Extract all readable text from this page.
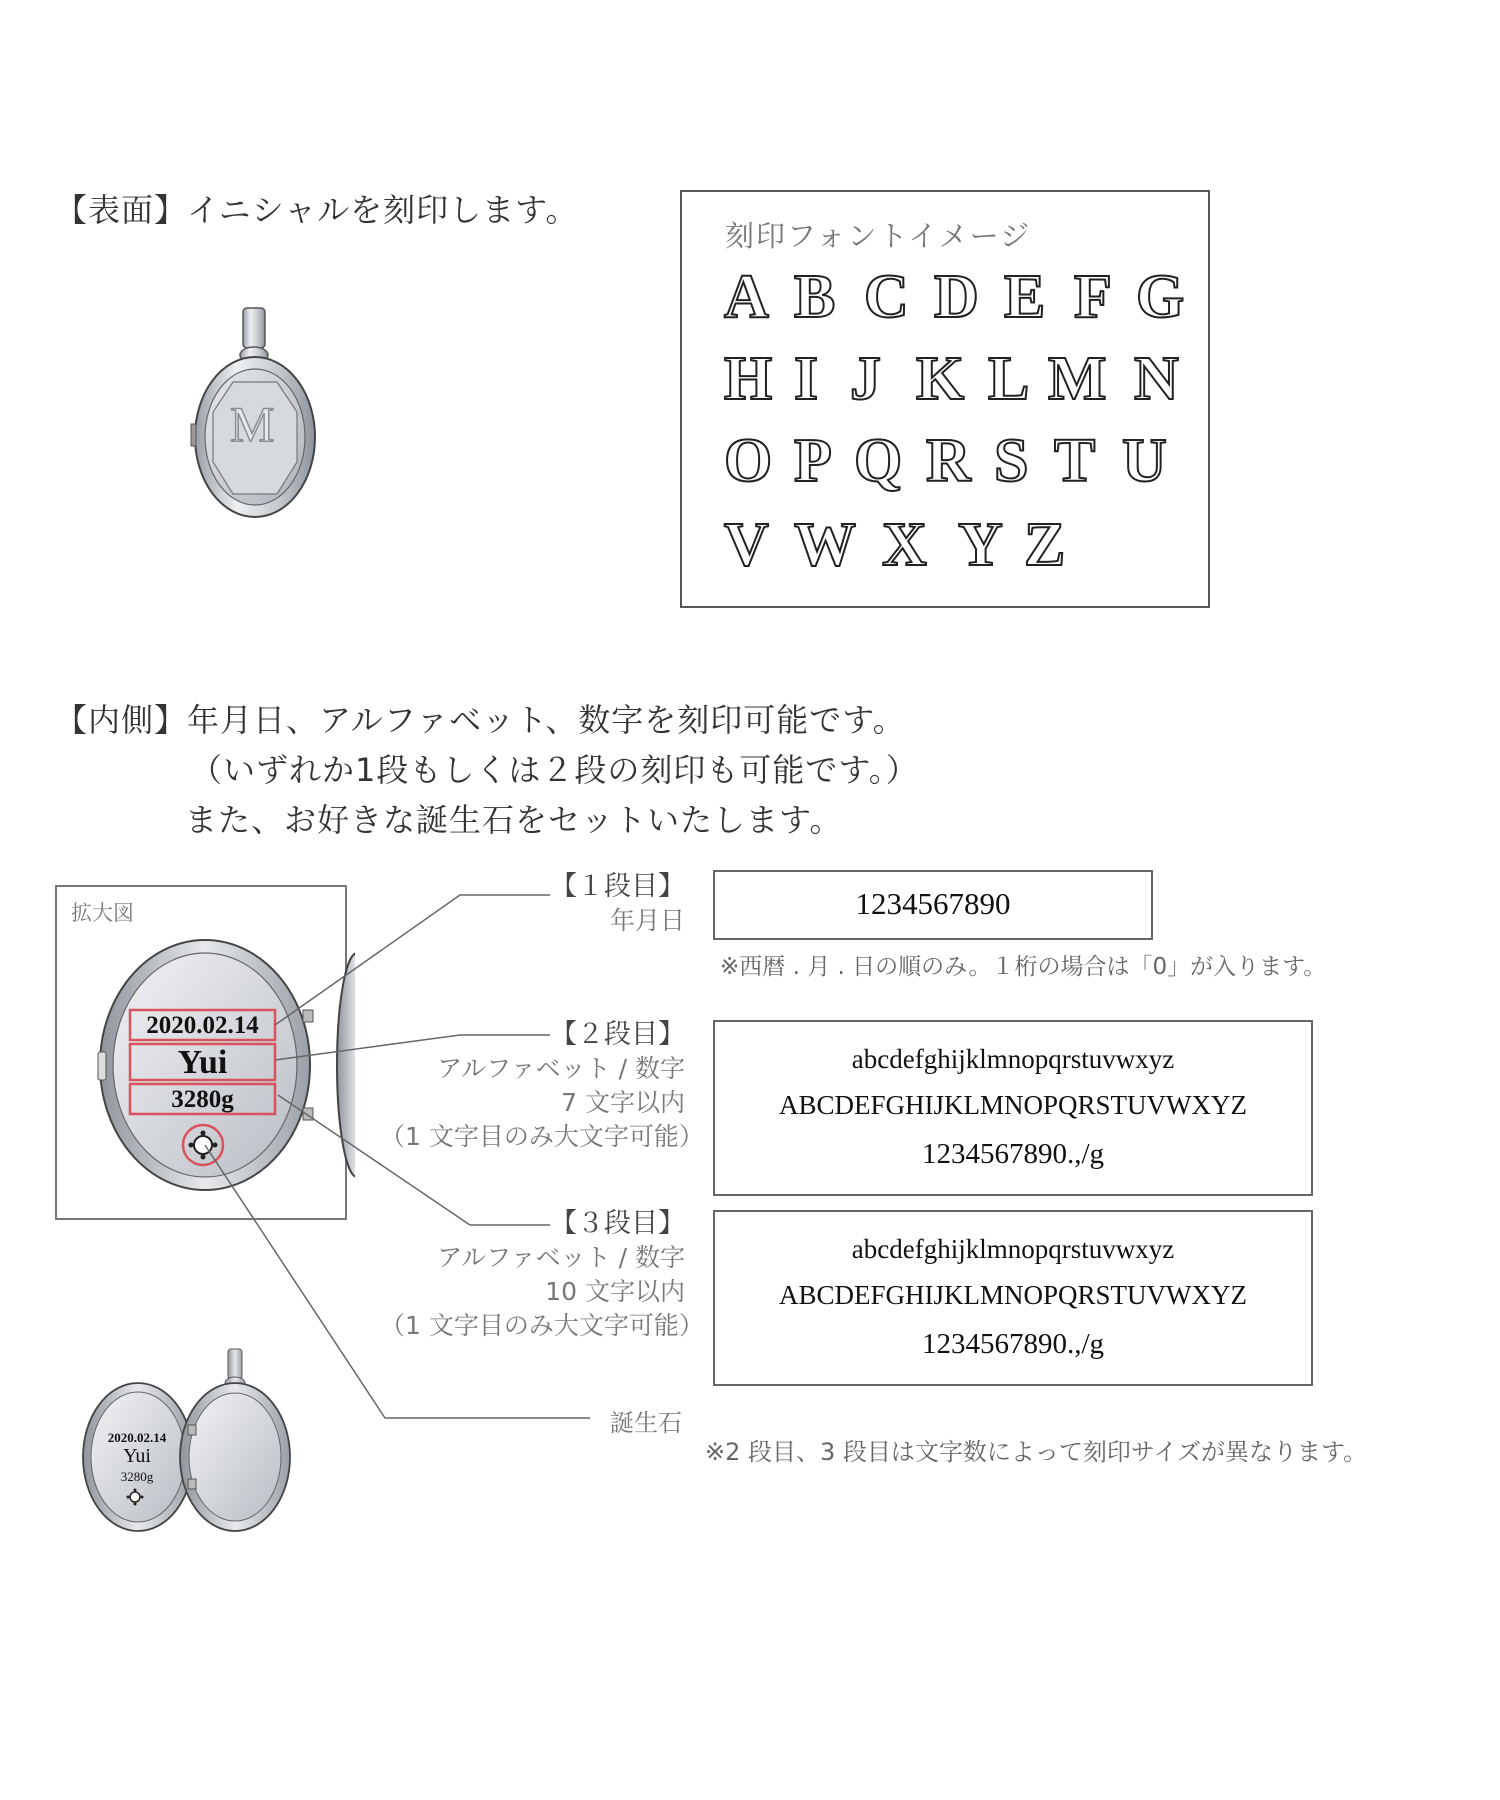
【表面】イニシャルを刻印します。
M
刻印フォントイメージ
A B C D E F G
H I J K L M N
O P Q R S T U
V W X Y Z
【内側】年月日、アルファベット、数字を刻印可能です。
（いずれか1段もしくは２段の刻印も可能です。）
また、お好きな誕生石をセットいたします。
拡大図
2020.02.14
Yui
3280g
【１段目】
年月日	1234567890
※西暦 . 月 . 日の順のみ。１桁の場合は「0」が入ります。
【２段目】
アルファベット / 数字
7 文字以内
（1 文字目のみ大文字可能）
abcdefghijklmnopqrstuvwxyz
ABCDEFGHIJKLMNOPQRSTUVWXYZ
1234567890.,/g
【３段目】
アルファベット / 数字
10 文字以内
（1 文字目のみ大文字可能）
abcdefghijklmnopqrstuvwxyz
ABCDEFGHIJKLMNOPQRSTUVWXYZ
1234567890.,/g
誕生石
※2 段目、3 段目は文字数によって刻印サイズが異なります。
2020.02.14
Yui
3280g
